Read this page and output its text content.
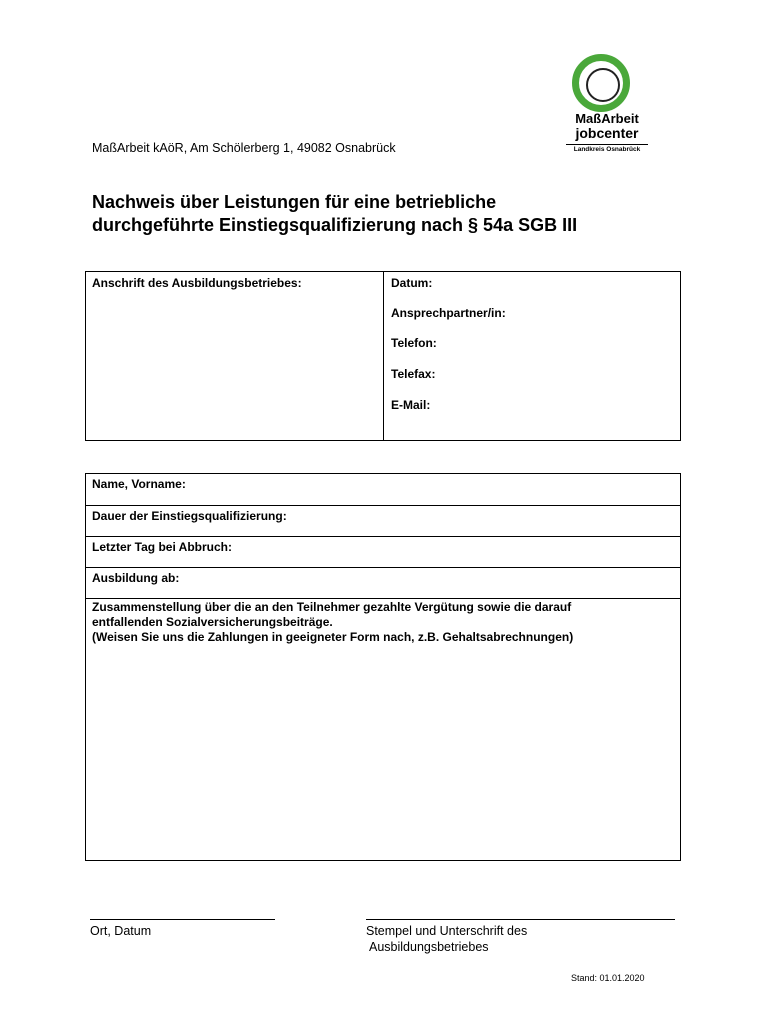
MaßArbeit
jobcenter
Landkreis Osnabrück
MaßArbeit kAöR, Am Schölerberg 1, 49082 Osnabrück
Nachweis über Leistungen für eine betriebliche
durchgeführte Einstiegsqualifizierung nach § 54a SGB III
Anschrift des Ausbildungsbetriebes:	Datum:
Ansprechpartner/in:
Telefon:
Telefax:
E-Mail:
Name, Vorname:
Dauer der Einstiegsqualifizierung:
Letzter Tag bei Abbruch:
Ausbildung ab:
Zusammenstellung über die an den Teilnehmer gezahlte Vergütung sowie die darauf
entfallenden Sozialversicherungsbeiträge.
(Weisen Sie uns die Zahlungen in geeigneter Form nach, z.B. Gehaltsabrechnungen)
Ort, Datum	Stempel und Unterschrift des
Ausbildungsbetriebes
Stand: 01.01.2020
